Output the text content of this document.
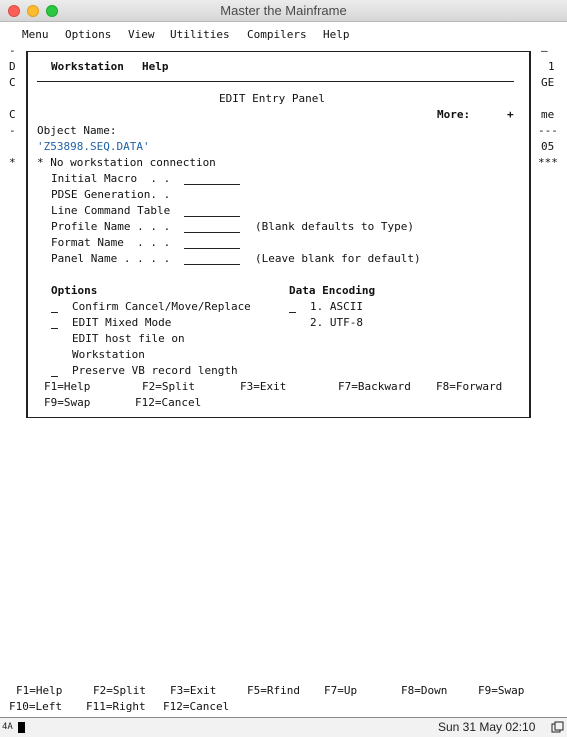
Master the Mainframe
Menu Options View Utilities Compilers Help
-
D
C
C
-
*
—
1
GE
me
---
05
***
Workstation Help
EDIT Entry Panel
More:	+
Object Name:
'Z53898.SEQ.DATA'
* No workstation connection
Initial Macro  . .
PDSE Generation. .
Line Command Table
Profile Name . . .	(Blank defaults to Type)
Format Name  . . .
Panel Name . . . .	(Leave blank for default)
Options	Data Encoding
Confirm Cancel/Move/Replace	1. ASCII
EDIT Mixed Mode	2. UTF-8
EDIT host file on
Workstation
Preserve VB record length
F1=Help	F2=Split	F3=Exit	F7=Backward F8=Forward
F9=Swap	F12=Cancel
F1=Help	F2=Split F3=Exit	F5=Rfind F7=Up	F8=Down	F9=Swap
F10=Left F11=Right F12=Cancel
4A	Sun 31 May 02:10
